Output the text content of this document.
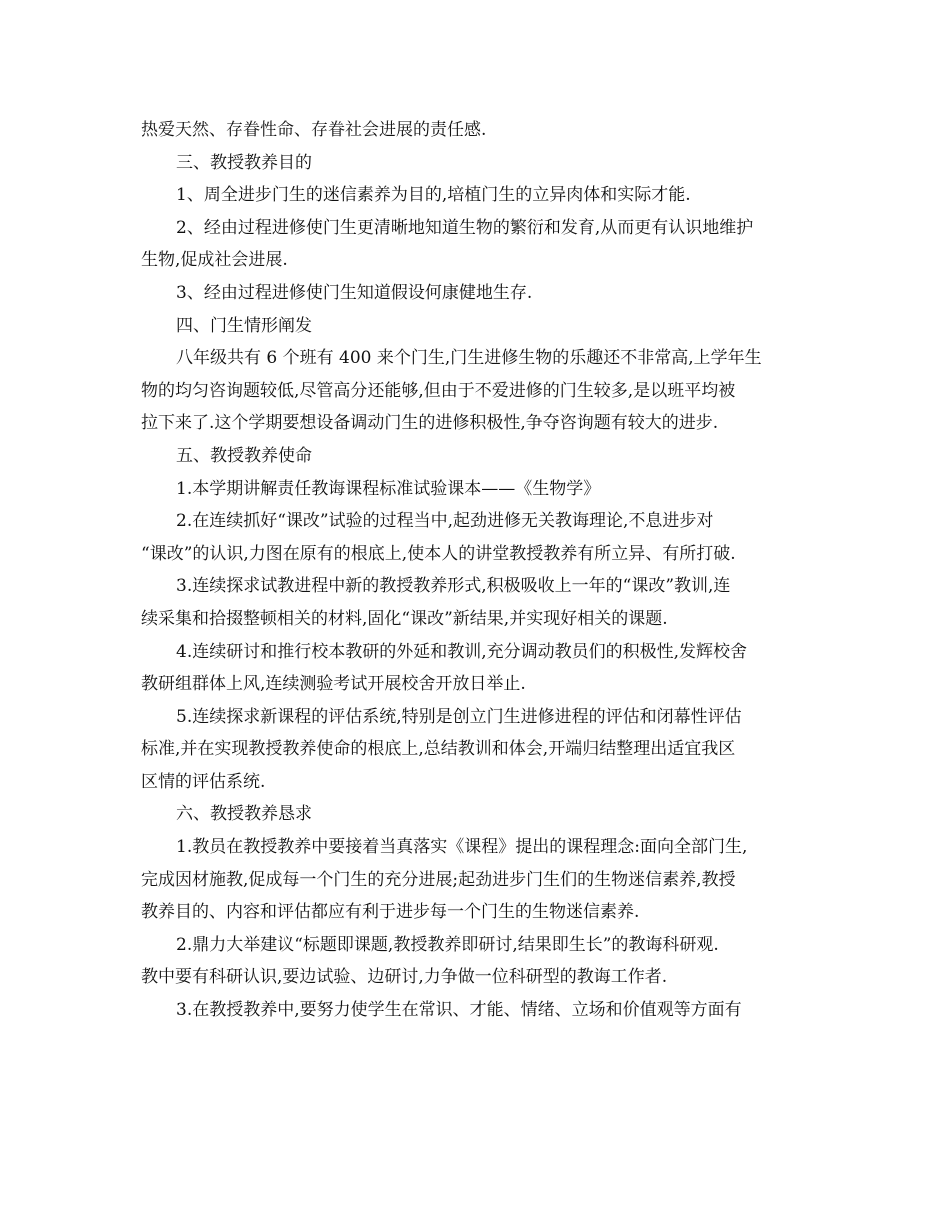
热爱天然、存眷性命、存眷社会进展的责任感.
三、教授教养目的
1、周全进步门生的迷信素养为目的,培植门生的立异肉体和实际才能.
2、经由过程进修使门生更清晰地知道生物的繁衍和发育,从而更有认识地维护
生物,促成社会进展.
3、经由过程进修使门生知道假设何康健地生存.
四、门生情形阐发
八年级共有 6 个班有 400 来个门生,门生进修生物的乐趣还不非常高,上学年生
物的均匀咨询题较低,尽管高分还能够,但由于不爱进修的门生较多,是以班平均被
拉下来了.这个学期要想设备调动门生的进修积极性,争夺咨询题有较大的进步.
五、教授教养使命
1.本学期讲解责任教诲课程标准试验课本——《生物学》
2.在连续抓好“课改”试验的过程当中,起劲进修无关教诲理论,不息进步对
“课改”的认识,力图在原有的根底上,使本人的讲堂教授教养有所立异、有所打破.
3.连续探求试教进程中新的教授教养形式,积极吸收上一年的“课改”教训,连
续采集和拾掇整顿相关的材料,固化“课改”新结果,并实现好相关的课题.
4.连续研讨和推行校本教研的外延和教训,充分调动教员们的积极性,发辉校舍
教研组群体上风,连续测验考试开展校舍开放日举止.
5.连续探求新课程的评估系统,特别是创立门生进修进程的评估和闭幕性评估
标准,并在实现教授教养使命的根底上,总结教训和体会,开端归结整理出适宜我区
区情的评估系统.
六、教授教养恳求
1.教员在教授教养中要接着当真落实《课程》提出的课程理念:面向全部门生,
完成因材施教,促成每一个门生的充分进展;起劲进步门生们的生物迷信素养,教授
教养目的、内容和评估都应有利于进步每一个门生的生物迷信素养.
2.鼎力大举建议“标题即课题,教授教养即研讨,结果即生长”的教诲科研观.
教中要有科研认识,要边试验、边研讨,力争做一位科研型的教诲工作者.
3.在教授教养中,要努力使学生在常识、才能、情绪、立场和价值观等方面有
